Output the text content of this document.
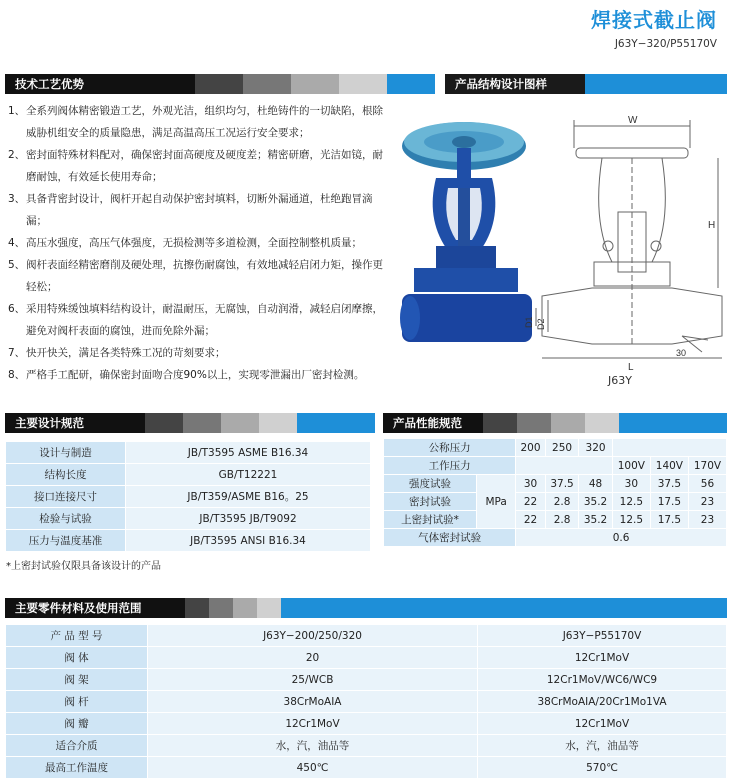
焊接式截止阀
J63Y−320/P55170V
技术工艺优势	产品结构设计图样
1、 全系列阀体精密锻造工艺，外观光洁，组织均匀，杜绝铸件的一切缺陷，根除威胁机组安全的质量隐患，满足高温高压工况运行安全要求；
2、 密封面特殊材料配对，确保密封面高硬度及硬度差；精密研磨，光洁如镜，耐磨耐蚀，有效延长使用寿命；
3、 具备背密封设计，阀杆开起自动保护密封填料，切断外漏通道，杜绝跑冒滴漏；
4、 高压水强度，高压气体强度，无损检测等多道检测，全面控制整机质量；
5、 阀杆表面经精密磨削及硬处理，抗擦伤耐腐蚀，有效地减轻启闭力矩，操作更轻松；
6、 采用特殊缓蚀填料结构设计，耐温耐压，无腐蚀，自动润滑，减轻启闭摩擦，避免对阀杆表面的腐蚀，进而免除外漏；
7、 快开快关，满足各类特殊工况的苛刻要求；
8、 严格手工配研，确保密封面吻合度90%以上，实现零泄漏出厂密封检测。
W
D1 D2
L
H
30
J63Y
主要设计规范
设计与制造	JB/T3595 ASME B16.34
结构长度	GB/T12221
接口连接尺寸	JB/T359/ASME B16。25
检验与试验	JB/T3595 JB/T9092
压力与温度基准	JB/T3595 ANSI B16.34
*上密封试验仅限具备该设计的产品
产品性能规范
公称压力		200	250	320			
工作压力					100V	140V	170V
强度试验	MPa	30	37.5	48	30	37.5	56
密封试验		22	2.8	35.2	12.5	17.5	23
上密封试验*		22	2.8	35.2	12.5	17.5	23
气体密封试验		0.6					
主要零件材料及使用范围
产 品 型 号	J63Y−200/250/320	J63Y−P55170V
阀 体	20	12Cr1MoV
阀 架	25/WCB	12Cr1MoV/WC6/WC9
阀 杆	38CrMoAIA	38CrMoAIA/20Cr1Mo1VA
阀 瓣	12Cr1MoV	12Cr1MoV
适合介质	水，汽，油品等	水，汽，油品等
最高工作温度	450℃	570℃
